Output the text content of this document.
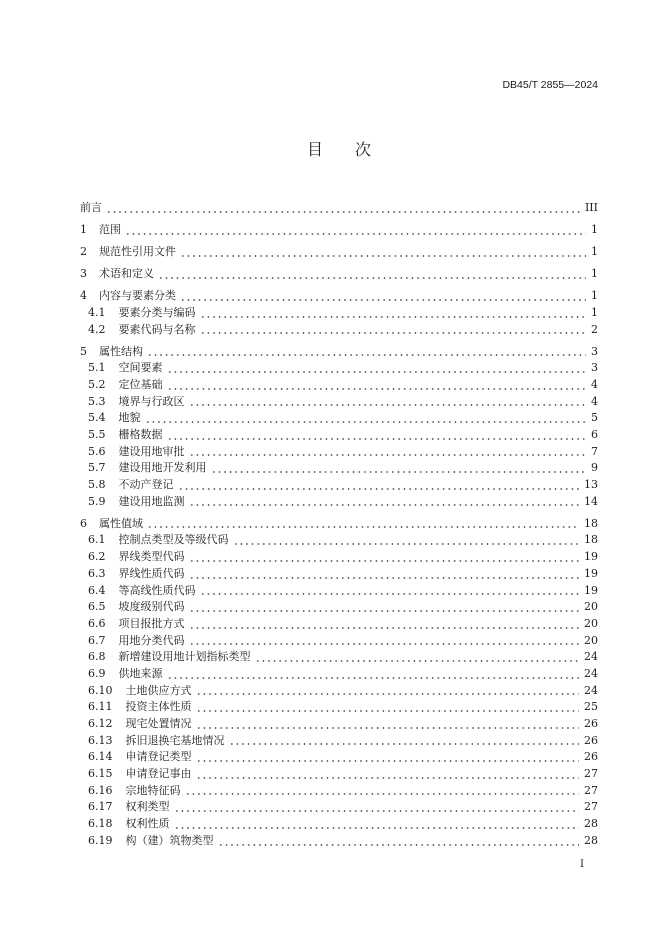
DB45/T 2855—2024
目　　次
前言	III
1 范围	1
2 规范性引用文件	1
3 术语和定义	1
4 内容与要素分类	1
4.1 要素分类与编码	1
4.2 要素代码与名称	2
5 属性结构	3
5.1 空间要素	3
5.2 定位基础	4
5.3 境界与行政区	4
5.4 地貌	5
5.5 栅格数据	6
5.6 建设用地审批	7
5.7 建设用地开发利用	9
5.8 不动产登记	13
5.9 建设用地监测	14
6 属性值域	18
6.1 控制点类型及等级代码	18
6.2 界线类型代码	19
6.3 界线性质代码	19
6.4 等高线性质代码	19
6.5 坡度级别代码	20
6.6 项目报批方式	20
6.7 用地分类代码	20
6.8 新增建设用地计划指标类型	24
6.9 供地来源	24
6.10 土地供应方式	24
6.11 投资主体性质	25
6.12 现宅处置情况	26
6.13 拆旧退换宅基地情况	26
6.14 申请登记类型	26
6.15 申请登记事由	27
6.16 宗地特征码	27
6.17 权利类型	27
6.18 权利性质	28
6.19 构（建）筑物类型	28
I
